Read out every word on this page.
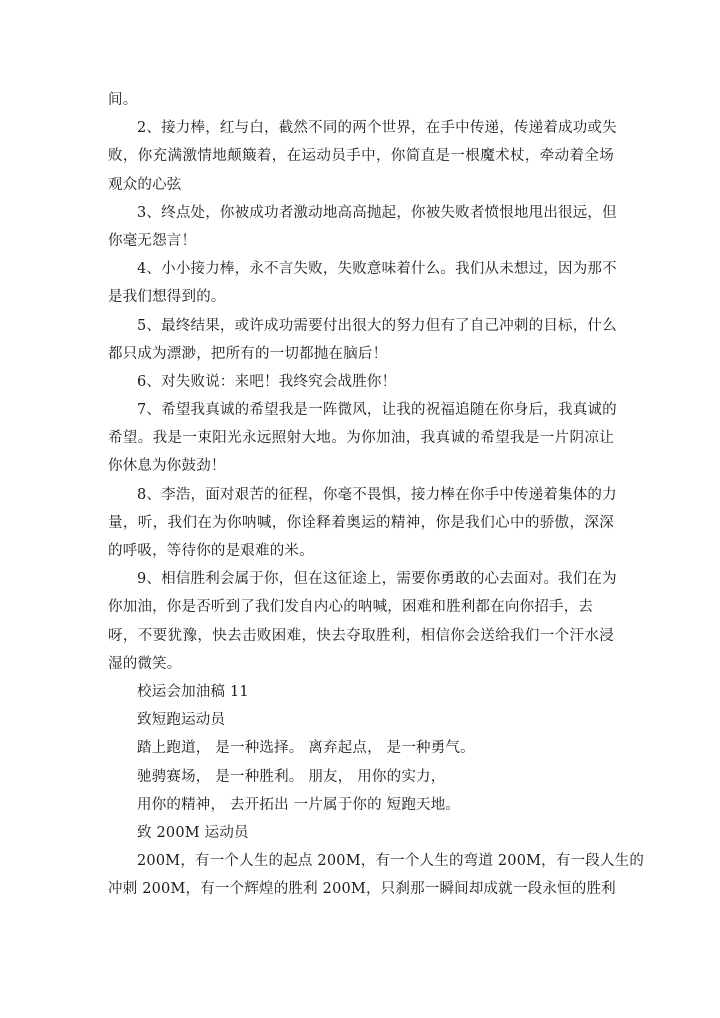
间。
2、接力棒，红与白，截然不同的两个世界，在手中传递，传递着成功或失
败，你充满激情地颠簸着，在运动员手中，你简直是一根魔术杖，牵动着全场
观众的心弦
3、终点处，你被成功者激动地高高抛起，你被失败者愤恨地甩出很远，但
你毫无怨言！
4、小小接力棒，永不言失败，失败意味着什么。我们从未想过，因为那不
是我们想得到的。
5、最终结果，或许成功需要付出很大的努力但有了自己冲刺的目标，什么
都只成为漂渺，把所有的一切都抛在脑后！
6、对失败说：来吧！我终究会战胜你！
7、希望我真诚的希望我是一阵微风，让我的祝福追随在你身后，我真诚的
希望。我是一束阳光永远照射大地。为你加油，我真诚的希望我是一片阴凉让
你休息为你鼓劲！
8、李浩，面对艰苦的征程，你毫不畏惧，接力棒在你手中传递着集体的力
量，听，我们在为你呐喊，你诠释着奥运的精神，你是我们心中的骄傲，深深
的呼吸，等待你的是艰难的米。
9、相信胜利会属于你，但在这征途上，需要你勇敢的心去面对。我们在为
你加油，你是否听到了我们发自内心的呐喊，困难和胜利都在向你招手，去
呀，不要犹豫，快去击败困难，快去夺取胜利，相信你会送给我们一个汗水浸
湿的微笑。
校运会加油稿 11
致短跑运动员
踏上跑道， 是一种选择。 离弃起点， 是一种勇气。
驰骋赛场， 是一种胜利。 朋友， 用你的实力，
用你的精神， 去开拓出 一片属于你的 短跑天地。
致 200M 运动员
200M，有一个人生的起点 200M，有一个人生的弯道 200M，有一段人生的
冲刺 200M，有一个辉煌的胜利 200M，只刹那一瞬间却成就一段永恒的胜利
